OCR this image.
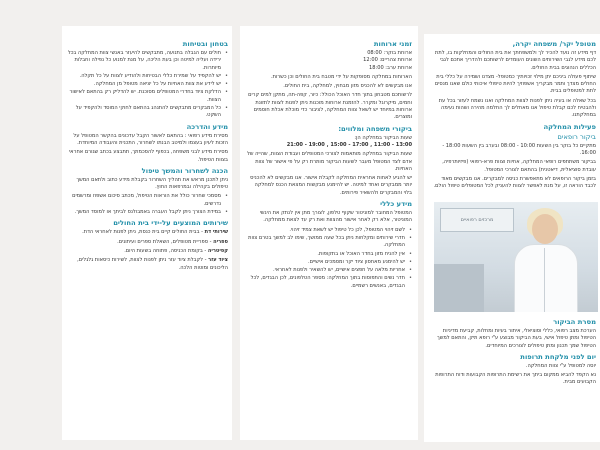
מטופל יקר/ משפחה יקרה,
דף מידע זה נועד להכיר לך ולמשפחתך את בית החולים והמחלקות בו, לתת לכם מידע לגבי השירותים השונים העומדים לרשותכם ולהדריך אתכם לגבי הכללים הנהוגים בבית החולים.
שיתוף פעולה ביניכם יתן מילוי זכויותיך כמטופל- מצדנו ושמירה על כללי בית החולים מצדך ותמר מבקריך אשפוזיך להיות טיפולי איכותי כולם שאנו מנסים לתת למטופלים בבית.
בכל שאלה או בעיה ניתן לפנות לצוות המחלקה ואנו נשמח לעזור בכל עת ולהבטיח לכם קבלת טיפול אנו מאחלים לך החלמה מהירה ושהות נעימה במחלקתנו.
פעילות המחלקה
ביקור רופאים
מתקיים כל בוקר בין השעות 10:00 - 08:00 ובערב בין השעות 18:00 - 16:00.
בביקור משתתפים רופאי המחלקה, אחיות וצוות פרא-רפואי (פיזיותרפיה, עובדת סוציאלית, דיאטנית) בהתאם לצורכי המטופל.
בזמן ביקור הרופאים לא מתאפשרת כניסה למבקרים. אנו מבקשים מאוד לכבד הוראה זו, על מנת לאפשר לצוות להעניק לכל המטופלים טיפול הולם.
מרכזים רפואיים
מסרת הביקור
הערכת מצב רפואי, כללי וסוציאלי, איתור בעיות ומחלות, קביעת מדיניות הטיפול ומתן טיפול אישי, בעת הביקור מבוצע ע"י רופא תיק, והתאם למשך הטיפול שמך תכנון ומתן טיפולים לצורכים המיוחדים.
יום לפני מלקחת תרופות
יוסה למטופל ע"י צוות המחלקה.
נא הקפד להביא ממקום ביתך את רשימת התרופות הקבועות ודוח התרופות הקבועים מבית.
זמני ארוחות
ארוחת בוקר: 08:00
ארוחת צהריים: 12:00
ארוחת ערב: 18:00
הארוחות במחלקה מסופקות על ידי מטבח בית החולים וכן כשרות.
אנו מבקשים לא להכניס מזון מבחוץ, למחלקה, בית החולים.
לרשותכם מטבחון בתוך חדר האוכל הכולל: כיור, קפה-תה, מתקן למים קרים וחמים, מיקרוגל ומקרר. להזמנת ארוחות מוכנות ניתן לפנות לצוות לתזונת ארוחות במיוחד יש לשאל צוות המחלקה, לציבור כדי מוכלת אכלת חוסמים ומוצרים.
ביקורי משפחה ומלווים:
שעות הביקור במחלקה הן:
21:00 - 19:00 , 15:00 - 17:00 , 11:00 - 13:00
שעות הביקור במחלקה מותאמות לצורכי המטופלים ועבודת הצוות, שהייה של אדם לצד המטופל מעבר לשעות הביקור מותרת רק על פי אישור של צוות האחיות.
יש להגיע לאחות אחראית המחלקה לקבלת אישור. אנו מבקשים לא להכניס יותר ממבקרים ואחד למיטה. יש להימנע מבקשות המצאת הכנס למחלקה בלוי והמבקרים ולהשאיר פירותים.
מידע כללי
המטופל המחובר למוניטור שקוף טלפון, לצורך מתן אין לנתק את היגשי המוניטור, אלא רק לאחר אישור מהצוות ואת רק עד לצאת ממחלקה.
• לשם זיהוי המטופל, לכן כל טיפול יש לשאת צמיד זיהוי.
• חדרי שירותים ומקלחות ניתן בכל שעה ממושך, שימו לב למשך בטרם צוות המחלקה.
• אין להניח מזון בחדר האוכל או בתקופות.
• יש להימנע מאחסון ציוד יקר ומסמכים אישיים.
• אחריות מלאה על חפצים אישיים, יש להשאיר ולפנות לאחראי.
• חדר נשים והתפוסות בתוך המחלקה: מספר הטלפונים, לכן הבגדים, לכל הבגדים, באנשים רשמיים.
בטחון ובטיחות
• חולים עם הגבלה בתנועה, מתבקשים להיעזר באנשי צוות המחלקה בכל ירידה ועליה למיטה וכן בעת הליכה, על מנת למנוע כל נפילה וחבלות מיותרות.
• יש להקפיד על שמירת כללי הבטיחות ולהודיע לצוות על כל תקלה.
• יש לידע את צוות האחיות על כל יציאה מטופל מן המחלקה.
• הדלקת ציוד בחדרי המטופלים מסוכנת. יש להדליק רק בהתאם לאישור הצוות.
• כל המבקרים מתבקשים להתנהג בהתאם לחוקי המוסד ולהקפיד על השקט.
מידע והדרכה
מסירת מידע רפואי : בהתאם לאשור הקבל עדכונים בהקשר המטופל על הזכות לעיון בעצמו ולמיטב הבנתו לשחרור, התכנית והעבודה המיוחדת.
מסירת מידע לבני משפחה, בכפוף להסכמתך, תתבצע בכתב שגורם אחראי בצוות הטיפול.
הכנה לשחרור והמשך טיפול
ניתן לתכנן מראש את תהליך השחרור בקבלת מידע כתוב ולתאם המשך טיפולים בקהילה ובמרפאות החוץ.
• מסמכי שחרור כולל את הוראות הטיפול, מכתב סיכום אשפוז ומרשמים נדרשים.
• במידת הצורך ניתן לקבל העברה באמבולנס לביתך או למוסד המשך.
שירותים המוצעים על-ידי בית החולים
שירותי דת - בבית החולים קיים בית כנסת, ניתן לפנות לאחראי הדת.
ספריה - ספריית מטופלים, השאלת ספרים ועיתונים.
קפיטריה - בקומת הכניסה, פתוחה בשעות היום.
ציוד עזר - לקבלת ציוד עזר ניתן לפנות לצוות, לשירות כיסאות גלגלים, הליכונים ומוטות הלכה.
